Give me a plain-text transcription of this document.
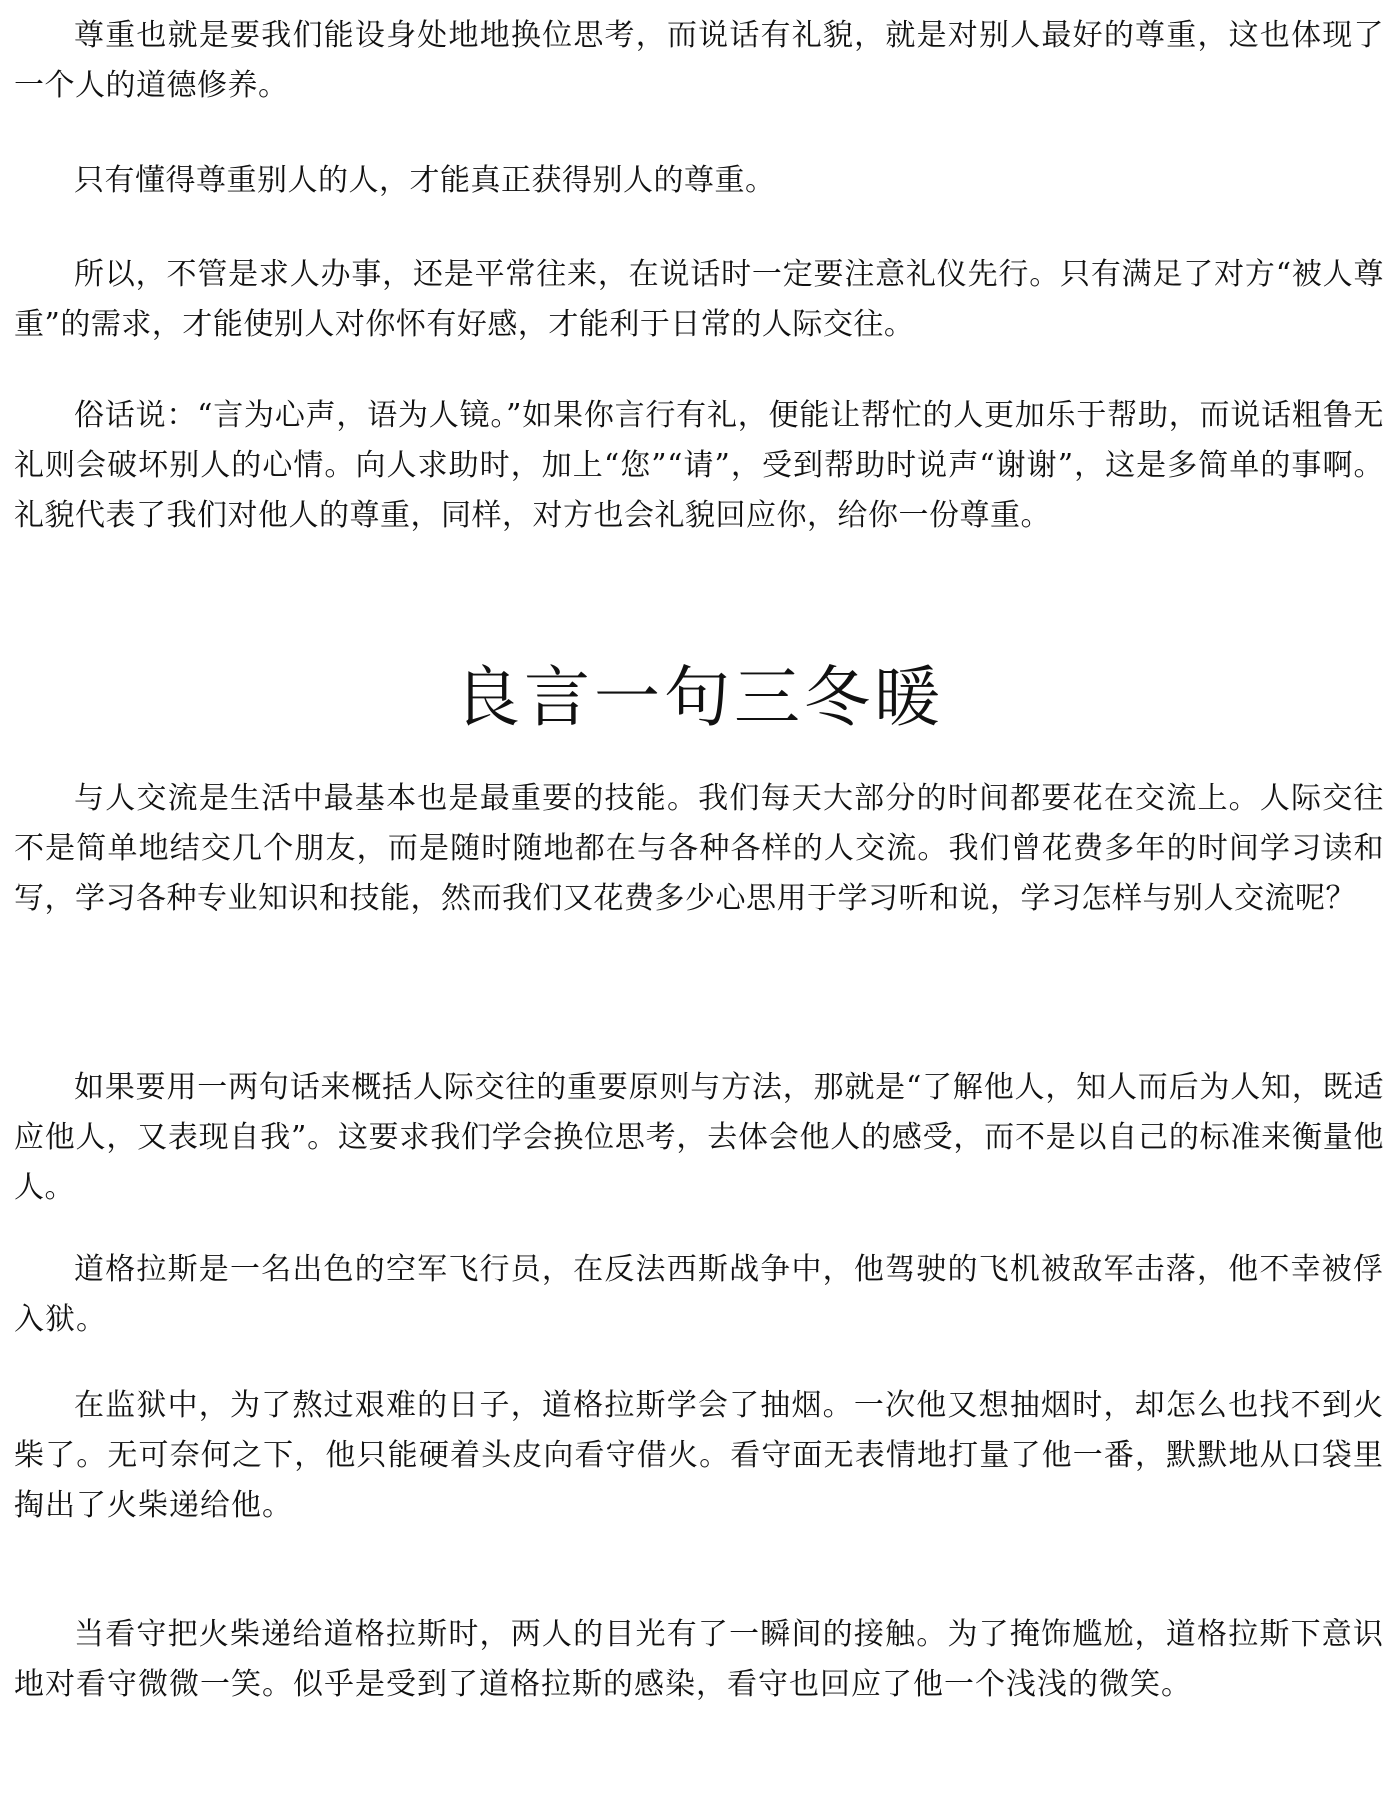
尊重也就是要我们能设身处地地换位思考，而说话有礼貌，就是对别人最好的尊重，这也体现了一个人的道德修养。

只有懂得尊重别人的人，才能真正获得别人的尊重。

所以，不管是求人办事，还是平常往来，在说话时一定要注意礼仪先行。只有满足了对方“被人尊重”的需求，才能使别人对你怀有好感，才能利于日常的人际交往。

俗话说：“言为心声，语为人镜。”如果你言行有礼，便能让帮忙的人更加乐于帮助，而说话粗鲁无礼则会破坏别人的心情。向人求助时，加上“您”“请”，受到帮助时说声“谢谢”，这是多简单的事啊。礼貌代表了我们对他人的尊重，同样，对方也会礼貌回应你，给你一份尊重。

良言一句三冬暖

与人交流是生活中最基本也是最重要的技能。我们每天大部分的时间都要花在交流上。人际交往不是简单地结交几个朋友，而是随时随地都在与各种各样的人交流。我们曾花费多年的时间学习读和写，学习各种专业知识和技能，然而我们又花费多少心思用于学习听和说，学习怎样与别人交流呢？

如果要用一两句话来概括人际交往的重要原则与方法，那就是“了解他人，知人而后为人知，既适应他人，又表现自我”。这要求我们学会换位思考，去体会他人的感受，而不是以自己的标准来衡量他人。

道格拉斯是一名出色的空军飞行员，在反法西斯战争中，他驾驶的飞机被敌军击落，他不幸被俘入狱。

在监狱中，为了熬过艰难的日子，道格拉斯学会了抽烟。一次他又想抽烟时，却怎么也找不到火柴了。无可奈何之下，他只能硬着头皮向看守借火。看守面无表情地打量了他一番，默默地从口袋里掏出了火柴递给他。

当看守把火柴递给道格拉斯时，两人的目光有了一瞬间的接触。为了掩饰尴尬，道格拉斯下意识地对看守微微一笑。似乎是受到了道格拉斯的感染，看守也回应了他一个浅浅的微笑。
